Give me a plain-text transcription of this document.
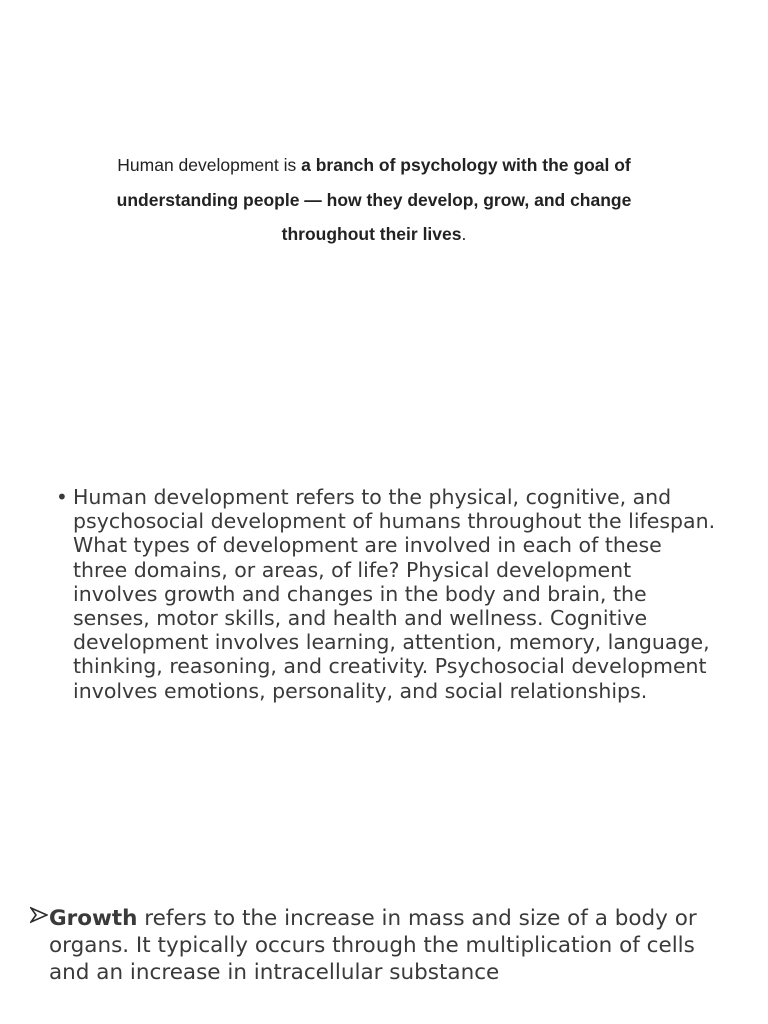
Human development is a branch of psychology with the goal of understanding people — how they develop, grow, and change throughout their lives.
• Human development refers to the physical, cognitive, and psychosocial development of humans throughout the lifespan. What types of development are involved in each of these three domains, or areas, of life? Physical development involves growth and changes in the body and brain, the senses, motor skills, and health and wellness. Cognitive development involves learning, attention, memory, language, thinking, reasoning, and creativity. Psychosocial development involves emotions, personality, and social relationships.
Growth refers to the increase in mass and size of a body or organs. It typically occurs through the multiplication of cells and an increase in intracellular substance
